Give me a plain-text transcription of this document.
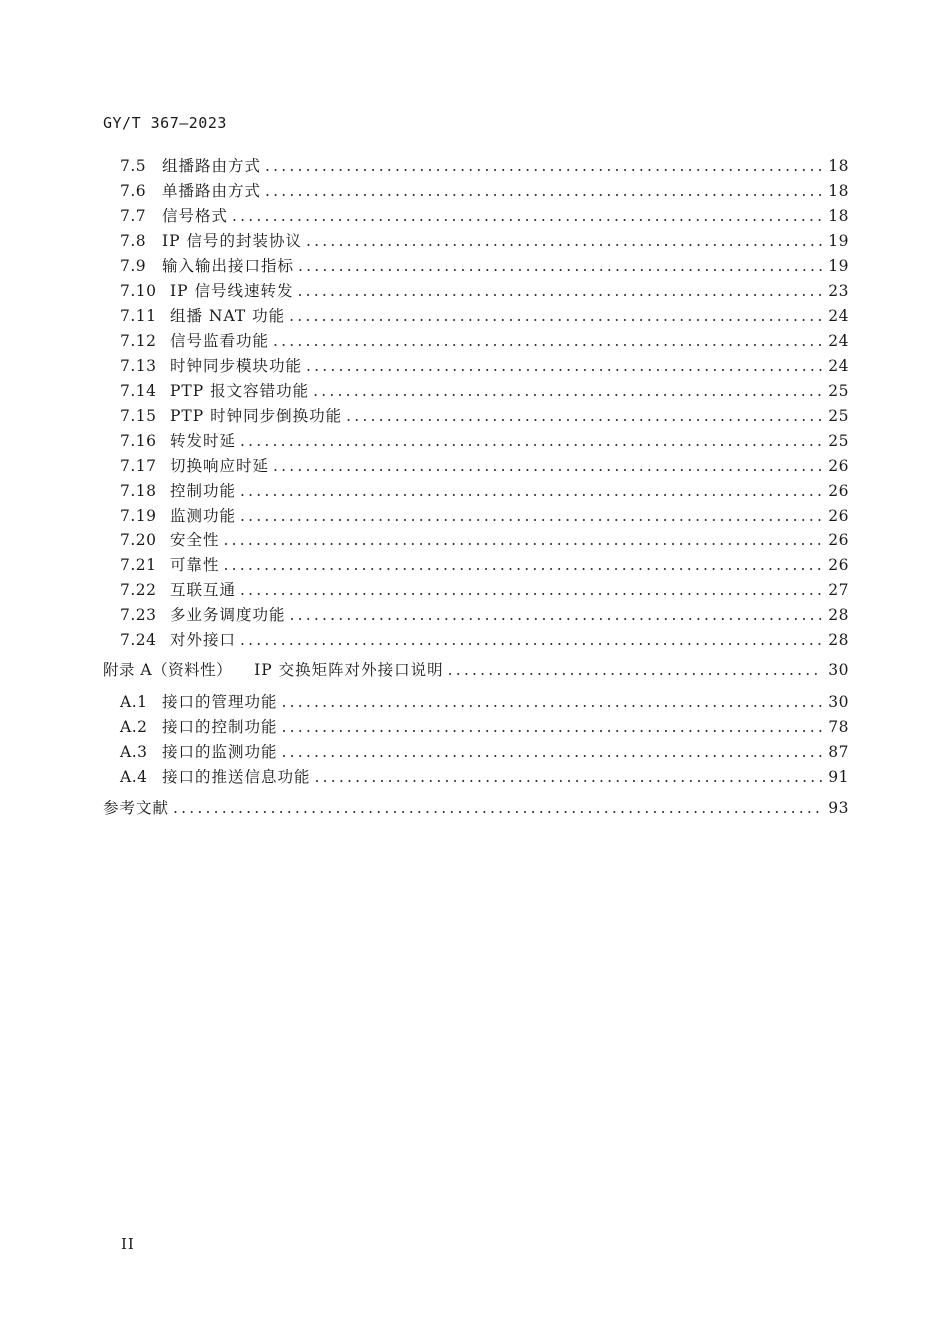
GY/T 367—2023
7.5 组播路由方式 .....	18
7.6 单播路由方式 .....	18
7.7 信号格式 .....	18
7.8 IP 信号的封装协议 .....	19
7.9 输入输出接口指标 .....	19
7.10 IP 信号线速转发 .....	23
7.11 组播 NAT 功能 .....	24
7.12 信号监看功能 .....	24
7.13 时钟同步模块功能 .....	24
7.14 PTP 报文容错功能 .....	25
7.15 PTP 时钟同步倒换功能 .....	25
7.16 转发时延 .....	25
7.17 切换响应时延 .....	26
7.18 控制功能 .....	26
7.19 监测功能 .....	26
7.20 安全性 .....	26
7.21 可靠性 .....	26
7.22 互联互通 .....	27
7.23 多业务调度功能 .....	28
7.24 对外接口 .....	28
附录 A（资料性） IP 交换矩阵对外接口说明 .....	30
A.1 接口的管理功能 .....	30
A.2 接口的控制功能 .....	78
A.3 接口的监测功能 .....	87
A.4 接口的推送信息功能 .....	91
参考文献 .....	93
II
